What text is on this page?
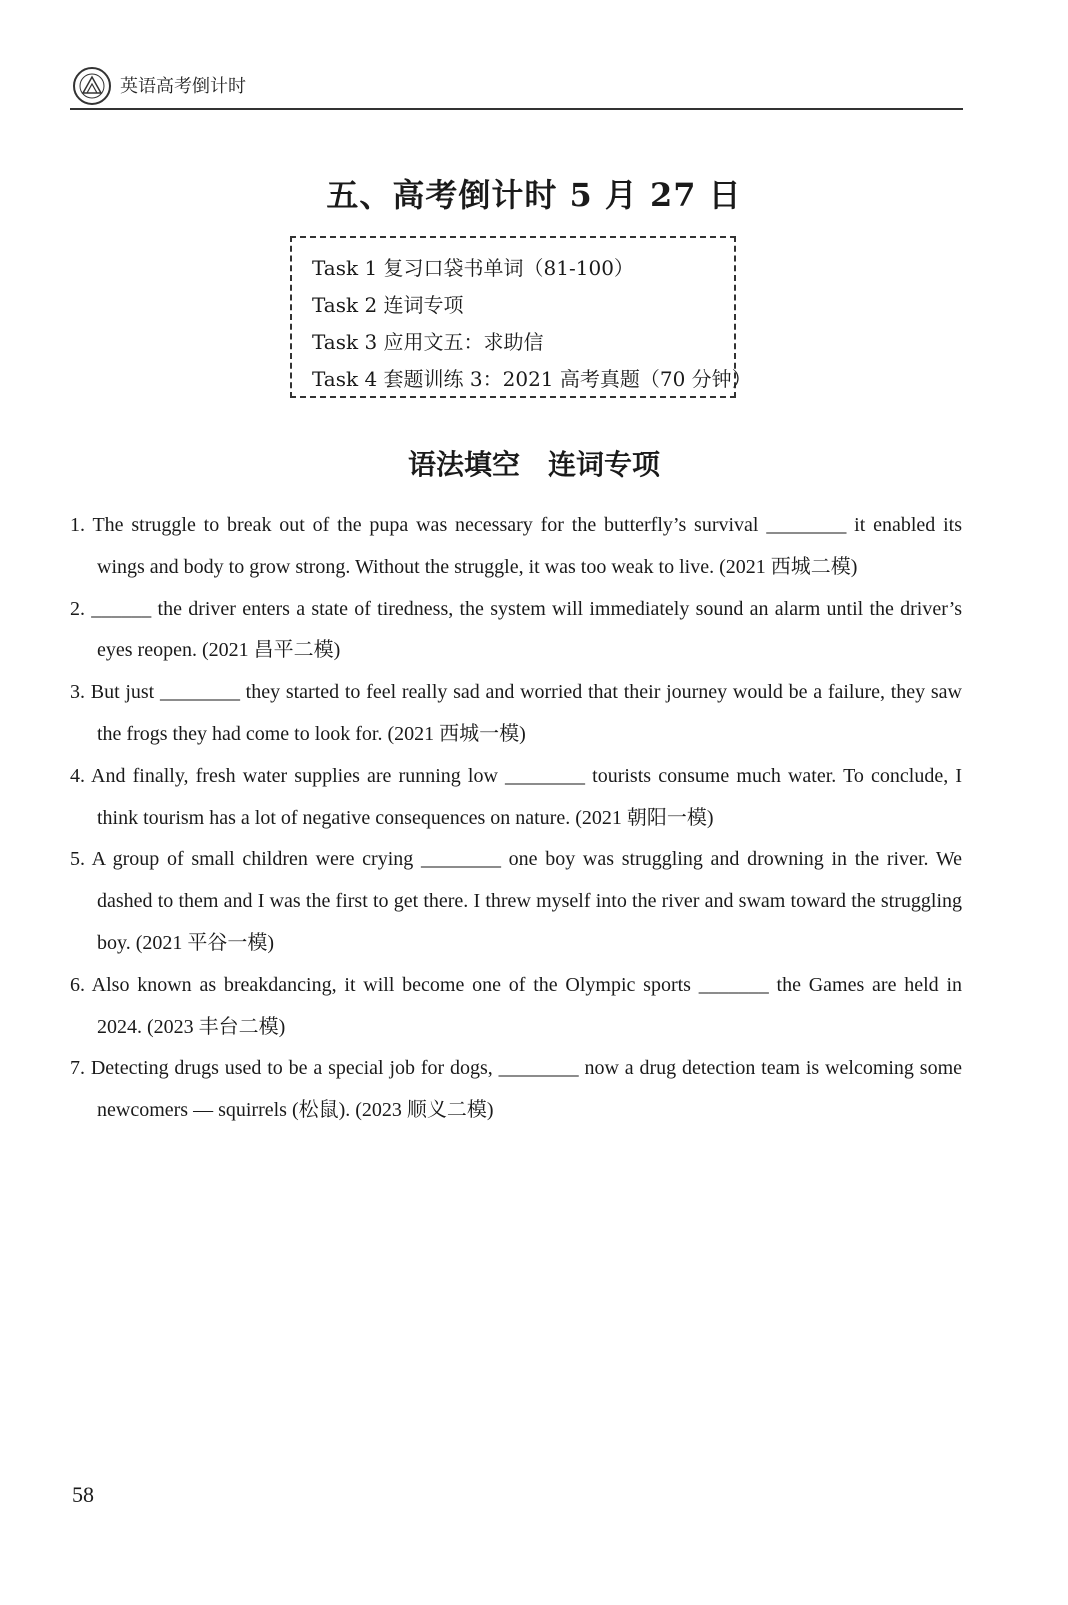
英语高考倒计时
五、高考倒计时 5 月 27 日
Task 1 复习口袋书单词（81-100）
Task 2 连词专项
Task 3 应用文五：求助信
Task 4 套题训练 3：2021 高考真题（70 分钟）
语法填空　连词专项

1. The struggle to break out of the pupa was necessary for the butterfly’s survival ________ it enabled its wings and body to grow strong. Without the struggle, it was too weak to live. (2021 西城二模)

2. ______ the driver enters a state of tiredness, the system will immediately sound an alarm until the driver’s eyes reopen. (2021 昌平二模)

3. But just ________ they started to feel really sad and worried that their journey would be a failure, they saw the frogs they had come to look for. (2021 西城一模)

4. And finally, fresh water supplies are running low ________ tourists consume much water. To conclude, I think tourism has a lot of negative consequences on nature. (2021 朝阳一模)

5. A group of small children were crying ________ one boy was struggling and drowning in the river. We dashed to them and I was the first to get there. I threw myself into the river and swam toward the struggling boy. (2021 平谷一模)

6. Also known as breakdancing, it will become one of the Olympic sports _______ the Games are held in 2024. (2023 丰台二模)

7. Detecting drugs used to be a special job for dogs, ________ now a drug detection team is welcoming some newcomers — squirrels (松鼠). (2023 顺义二模)

58
